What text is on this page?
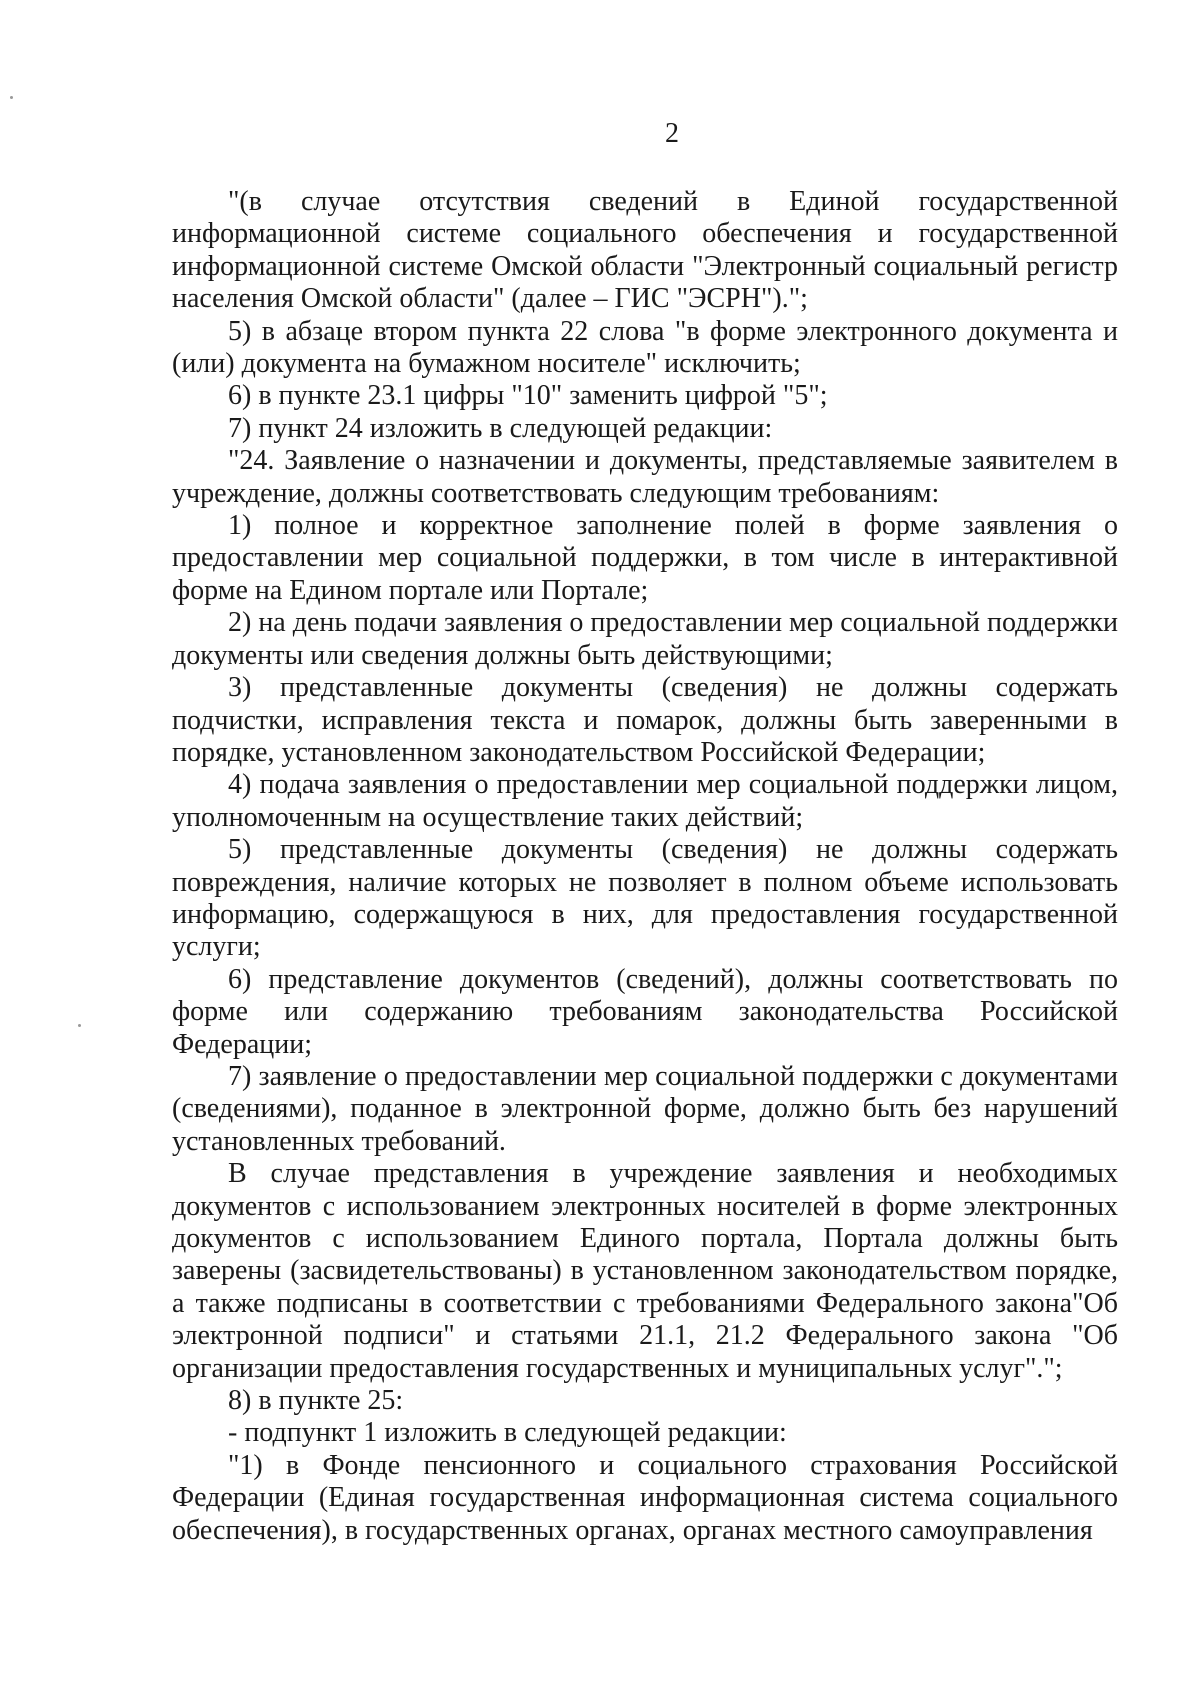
2

"(в случае отсутствия сведений в Единой государственной информационной системе социального обеспечения и государственной информационной системе Омской области "Электронный социальный регистр населения Омской области" (далее – ГИС "ЭСРН").";

5) в абзаце втором пункта 22 слова "в форме электронного документа и (или) документа на бумажном носителе" исключить;

6) в пункте 23.1 цифры "10" заменить цифрой "5";

7) пункт 24 изложить в следующей редакции:

"24. Заявление о назначении и документы, представляемые заявителем в учреждение, должны соответствовать следующим требованиям:

1) полное и корректное заполнение полей в форме заявления о предоставлении мер социальной поддержки, в том числе в интерактивной форме на Едином портале или Портале;

2) на день подачи заявления о предоставлении мер социальной поддержки документы или сведения должны быть действующими;

3) представленные документы (сведения) не должны содержать подчистки, исправления текста и помарок, должны быть заверенными в порядке, установленном законодательством Российской Федерации;

4) подача заявления о предоставлении мер социальной поддержки лицом, уполномоченным на осуществление таких действий;

5) представленные документы (сведения) не должны содержать повреждения, наличие которых не позволяет в полном объеме использовать информацию, содержащуюся в них, для предоставления государственной услуги;

6) представление документов (сведений), должны соответствовать по форме или содержанию требованиям законодательства Российской Федерации;

7) заявление о предоставлении мер социальной поддержки с документами (сведениями), поданное в электронной форме, должно быть без нарушений установленных требований.

В случае представления в учреждение заявления и необходимых документов с использованием электронных носителей в форме электронных документов с использованием Единого портала, Портала должны быть заверены (засвидетельствованы) в установленном законодательством порядке, а также подписаны в соответствии с требованиями Федерального закона"Об электронной подписи" и статьями 21.1, 21.2 Федерального закона "Об организации предоставления государственных и муниципальных услуг".";

8) в пункте 25:

- подпункт 1 изложить в следующей редакции:

"1) в Фонде пенсионного и социального страхования Российской Федерации (Единая государственная информационная система социального обеспечения), в государственных органах, органах местного самоуправления
